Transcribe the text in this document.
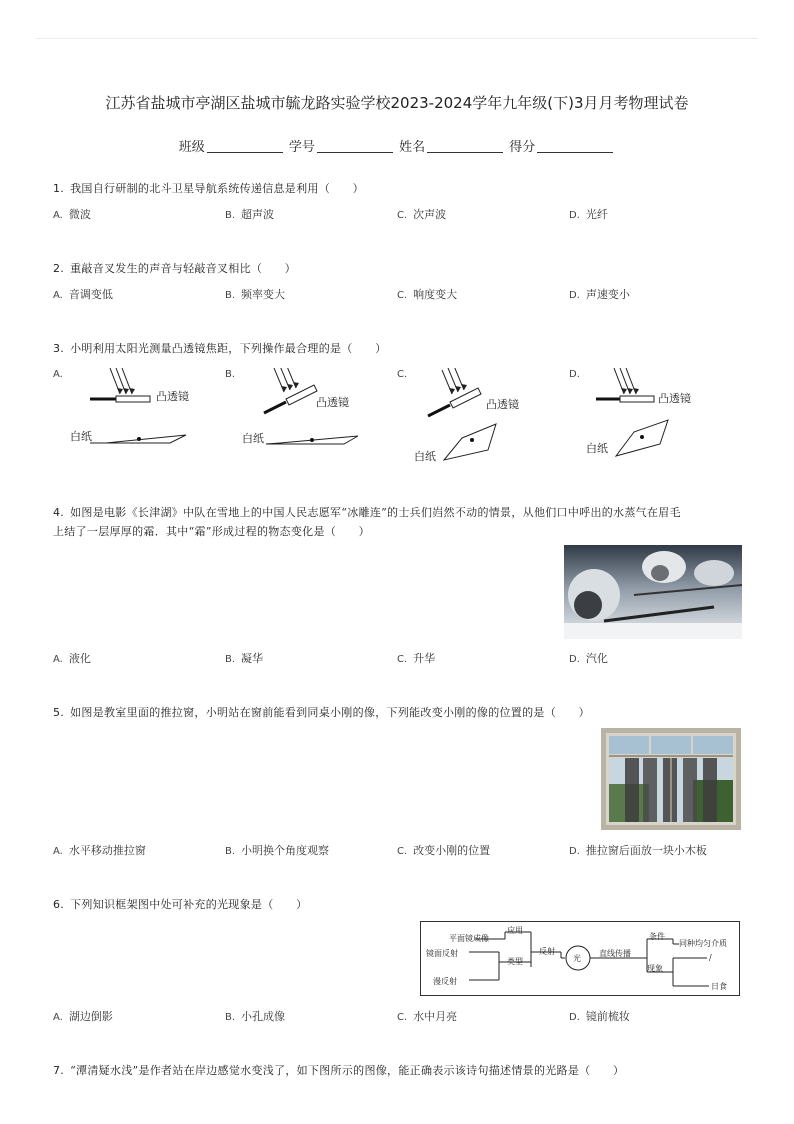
江苏省盐城市亭湖区盐城市毓龙路实验学校2023-2024学年九年级(下)3月月考物理试卷
班级	学号	姓名	得分
1. 我国自行研制的北斗卫星导航系统传递信息是利用（　　）
A. 微波	B. 超声波	C. 次声波	D. 光纤
2. 重敲音叉发生的声音与轻敲音叉相比（　　）
A. 音调变低	B. 频率变大	C. 响度变大	D. 声速变小
3. 小明利用太阳光测量凸透镜焦距，下列操作最合理的是（　　）
A.	B.	C.	D.
凸透镜
白纸
凸透镜
白纸
凸透镜
白纸
凸透镜
白纸
4. 如图是电影《长津湖》中队在雪地上的中国人民志愿军“冰雕连”的士兵们岿然不动的情景，从他们口中呼出的水蒸气在眉毛
上结了一层厚厚的霜．其中“霜”形成过程的物态变化是（　　）
A. 液化	B. 凝华	C. 升华	D. 汽化
5. 如图是教室里面的推拉窗，小明站在窗前能看到同桌小刚的像，下列能改变小刚的像的位置的是（　　）
A. 水平移动推拉窗	B. 小明换个角度观察	C. 改变小刚的位置	D. 推拉窗后面放一块小木板
6. 下列知识框架图中处可补充的光现象是（　　）
平面镜成像
应用
镜面反射
类型
漫反射
反射
光
直线传播
条件
同种均匀介质
现象
/
日食
A. 湖边倒影	B. 小孔成像	C. 水中月亮	D. 镜前梳妆
7. “潭清疑水浅”是作者站在岸边感觉水变浅了，如下图所示的图像，能正确表示该诗句描述情景的光路是（　　）
